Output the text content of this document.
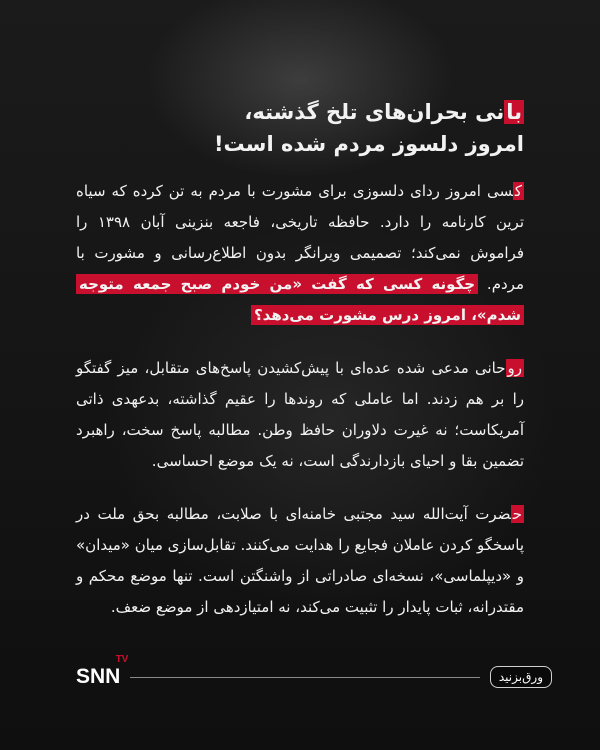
بانی بحران‌های تلخ گذشته،
امروز دلسوز مردم شده است!

کسی امروز ردای دلسوزی برای مشورت با مردم به تن کرده که سیاه ترین کارنامه را دارد. حافظه تاریخی، فاجعه بنزینی آبان ۱۳۹۸ را فراموش نمی‌کند؛ تصمیمی ویرانگر بدون اطلاع‌رسانی و مشورت با مردم. چگونه کسی که گفت «من خودم صبح جمعه متوجه شدم»، امروز درس مشورت می‌دهد؟

روحانی مدعی شده عده‌ای با پیش‌کشیدن پاسخ‌های متقابل، میز گفتگو را بر هم زدند. اما عاملی که روندها را عقیم گذاشته، بدعهدی ذاتی آمریکاست؛ نه غیرت دلاوران حافظ وطن. مطالبه پاسخ سخت، راهبرد تضمین بقا و احیای بازدارندگی است، نه یک موضع احساسی.

حضرت آیت‌الله سید مجتبی خامنه‌ای با صلابت، مطالبه بحق ملت در پاسخگو کردن عاملان فجایع را هدایت می‌کنند. تقابل‌سازی میان «میدان» و «دیپلماسی»، نسخه‌ای صادراتی از واشنگتن است. تنها موضع محکم و مقتدرانه، ثبات پایدار را تثبیت می‌کند، نه امتیازدهی از موضع ضعف.

SNN
TV
ورق‌بزنید
